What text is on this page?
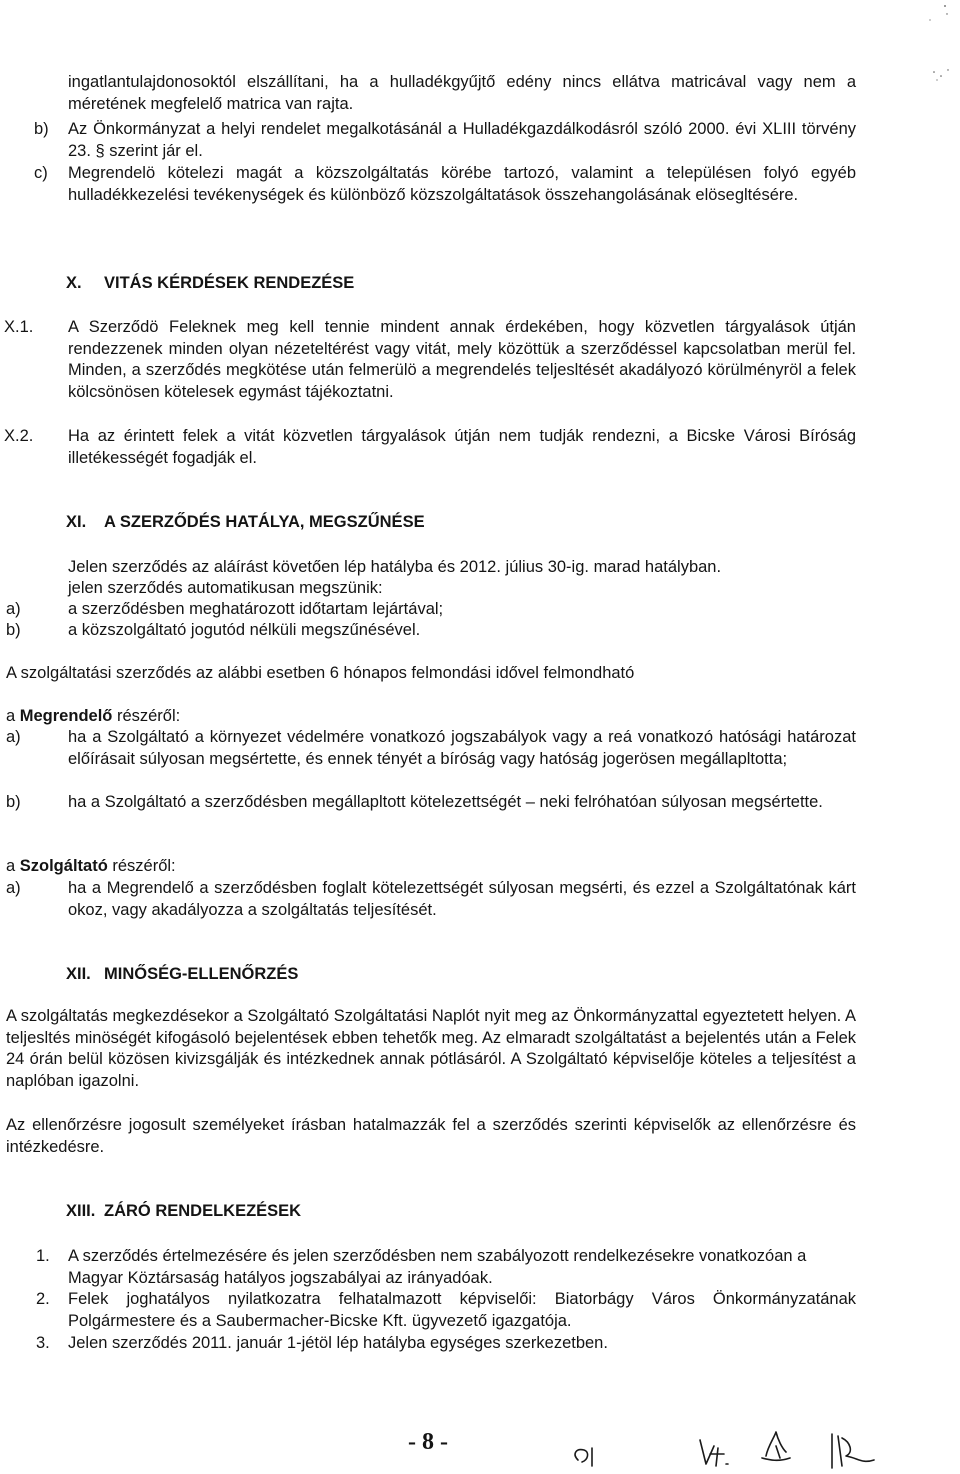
ingatlantulajdonosoktól elszállítani, ha a hulladékgyűjtő edény nincs ellátva matricával vagy nem a méretének megfelelő matrica van rajta.
b) Az Önkormányzat a helyi rendelet megalkotásánál a Hulladékgazdálkodásról szóló 2000. évi XLIII törvény 23. § szerint jár el.
c) Megrendelö kötelezi magát a közszolgáltatás körébe tartozó, valamint a településen folyó egyéb hulladékkezelési tevékenységek és különböző közszolgáltatások összehangolásának elösegltésére.
X. VITÁS KÉRDÉSEK RENDEZÉSE
X.1. A Szerződö Feleknek meg kell tennie mindent annak érdekében, hogy közvetlen tárgyalások útján rendezzenek minden olyan nézeteltérést vagy vitát, mely közöttük a szerződéssel kapcsolatban merül fel. Minden, a szerződés megkötése után felmerülö a megrendelés teljesltését akadályozó körülményröl a felek kölcsönösen kötelesek egymást tájékoztatni.
X.2. Ha az érintett felek a vitát közvetlen tárgyalások útján nem tudják rendezni, a Bicske Városi Bíróság illetékességét fogadják el.
XI. A SZERZŐDÉS HATÁLYA, MEGSZŰNÉSE
Jelen szerződés az aláírást követően lép hatályba és 2012. július 30-ig. marad hatályban.
jelen szerződés automatikusan megszünik:
a)	a szerződésben meghatározott időtartam lejártával;
b)	a közszolgáltató jogutód nélküli megszűnésével.
A szolgáltatási szerződés az alábbi esetben 6 hónapos felmondási idővel felmondható
a Megrendelő részéről:
a)	ha a Szolgáltató a környezet védelmére vonatkozó jogszabályok vagy a reá vonatkozó hatósági határozat előírásait súlyosan megsértette, és ennek tényét a bíróság vagy hatóság jogerösen megállapltotta;
b)	ha a Szolgáltató a szerződésben megállapltott kötelezettségét – neki felróhatóan súlyosan megsértette.
a Szolgáltató részéről:
a)	ha a Megrendelő a szerződésben foglalt kötelezettségét súlyosan megsérti, és ezzel a Szolgáltatónak kárt okoz, vagy akadályozza a szolgáltatás teljesítését.
XII. MINŐSÉG-ELLENŐRZÉS
A szolgáltatás megkezdésekor a Szolgáltató Szolgáltatási Naplót nyit meg az Önkormányzattal egyeztetett helyen. A teljesltés minöségét kifogásoló bejelentések ebben tehetők meg. Az elmaradt szolgáltatást a bejelentés után a Felek 24 órán belül közösen kivizsgálják és intézkednek annak pótlásáról. A Szolgáltató képviselője köteles a teljesítést a naplóban igazolni.
Az ellenőrzésre jogosult személyeket írásban hatalmazzák fel a szerződés szerinti képviselők az ellenőrzésre és intézkedésre.
XIII. ZÁRÓ RENDELKEZÉSEK
1. A szerződés értelmezésére és jelen szerződésben nem szabályozott rendelkezésekre vonatkozóan a Magyar Köztársaság hatályos jogszabályai az irányadóak.
2. Felek joghatályos nyilatkozatra felhatalmazott képviselői: Biatorbágy Város Önkormányzatának Polgármestere és a Saubermacher-Bicske Kft. ügyvezető igazgatója.
3. Jelen szerződés 2011. január 1-jétöl lép hatályba egységes szerkezetben.
- 8 -
